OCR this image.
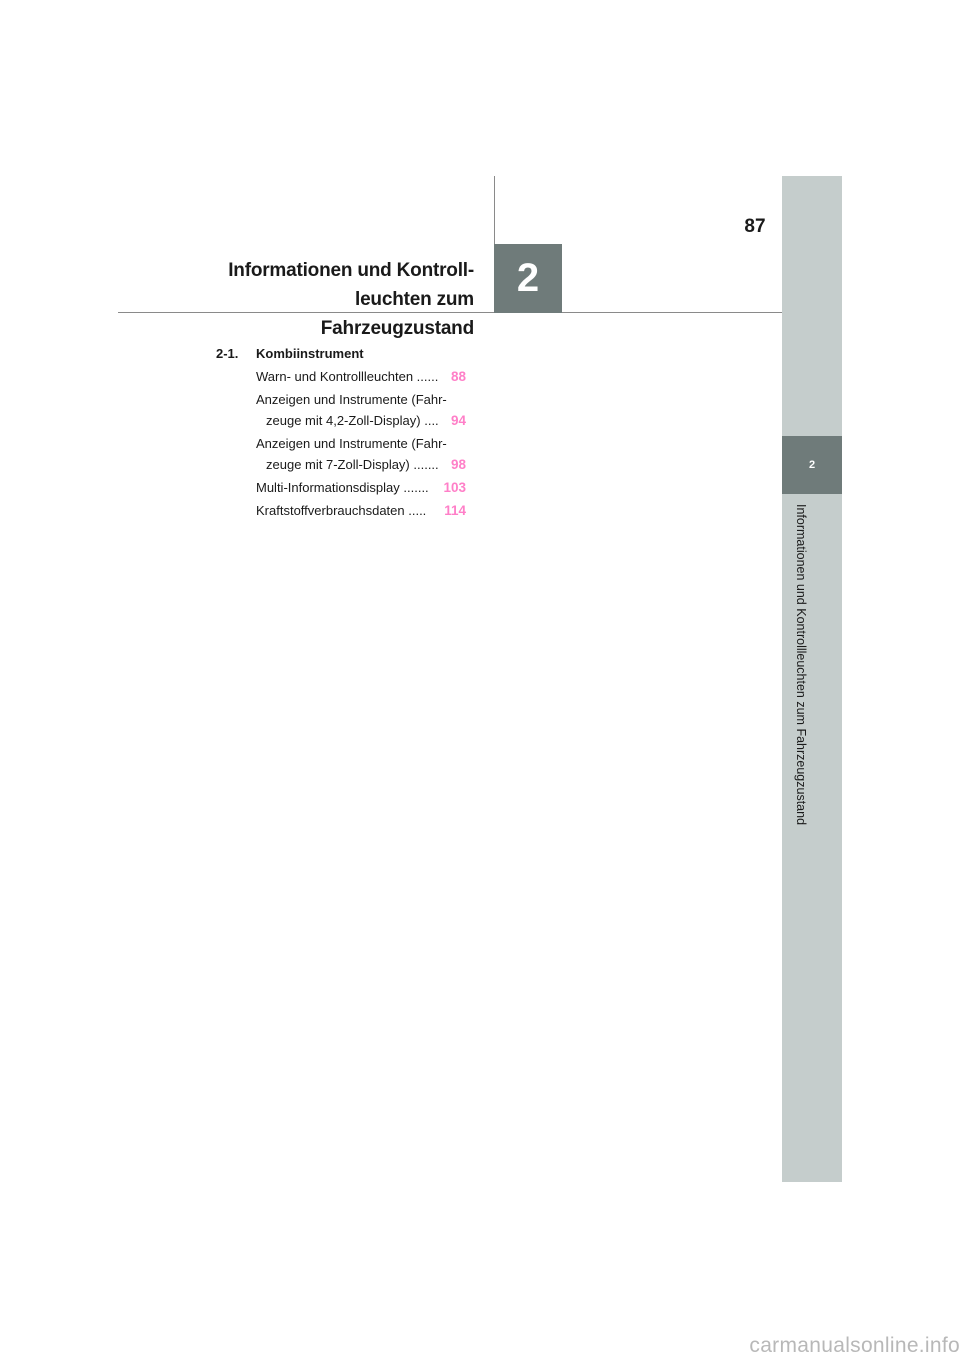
87
Informationen und Kontroll-
leuchten zum Fahrzeugzustand
2
2
Informationen und Kontrollleuchten zum Fahrzeugzustand
2-1.	Kombiinstrument
Warn- und Kontrollleuchten ...... 88
Anzeigen und Instrumente (Fahr-
zeuge mit 4,2-Zoll-Display) .... 94
Anzeigen und Instrumente (Fahr-
zeuge mit 7-Zoll-Display) ....... 98
Multi-Informationsdisplay .......	103
Kraftstoffverbrauchsdaten .....	114
carmanualsonline.info
